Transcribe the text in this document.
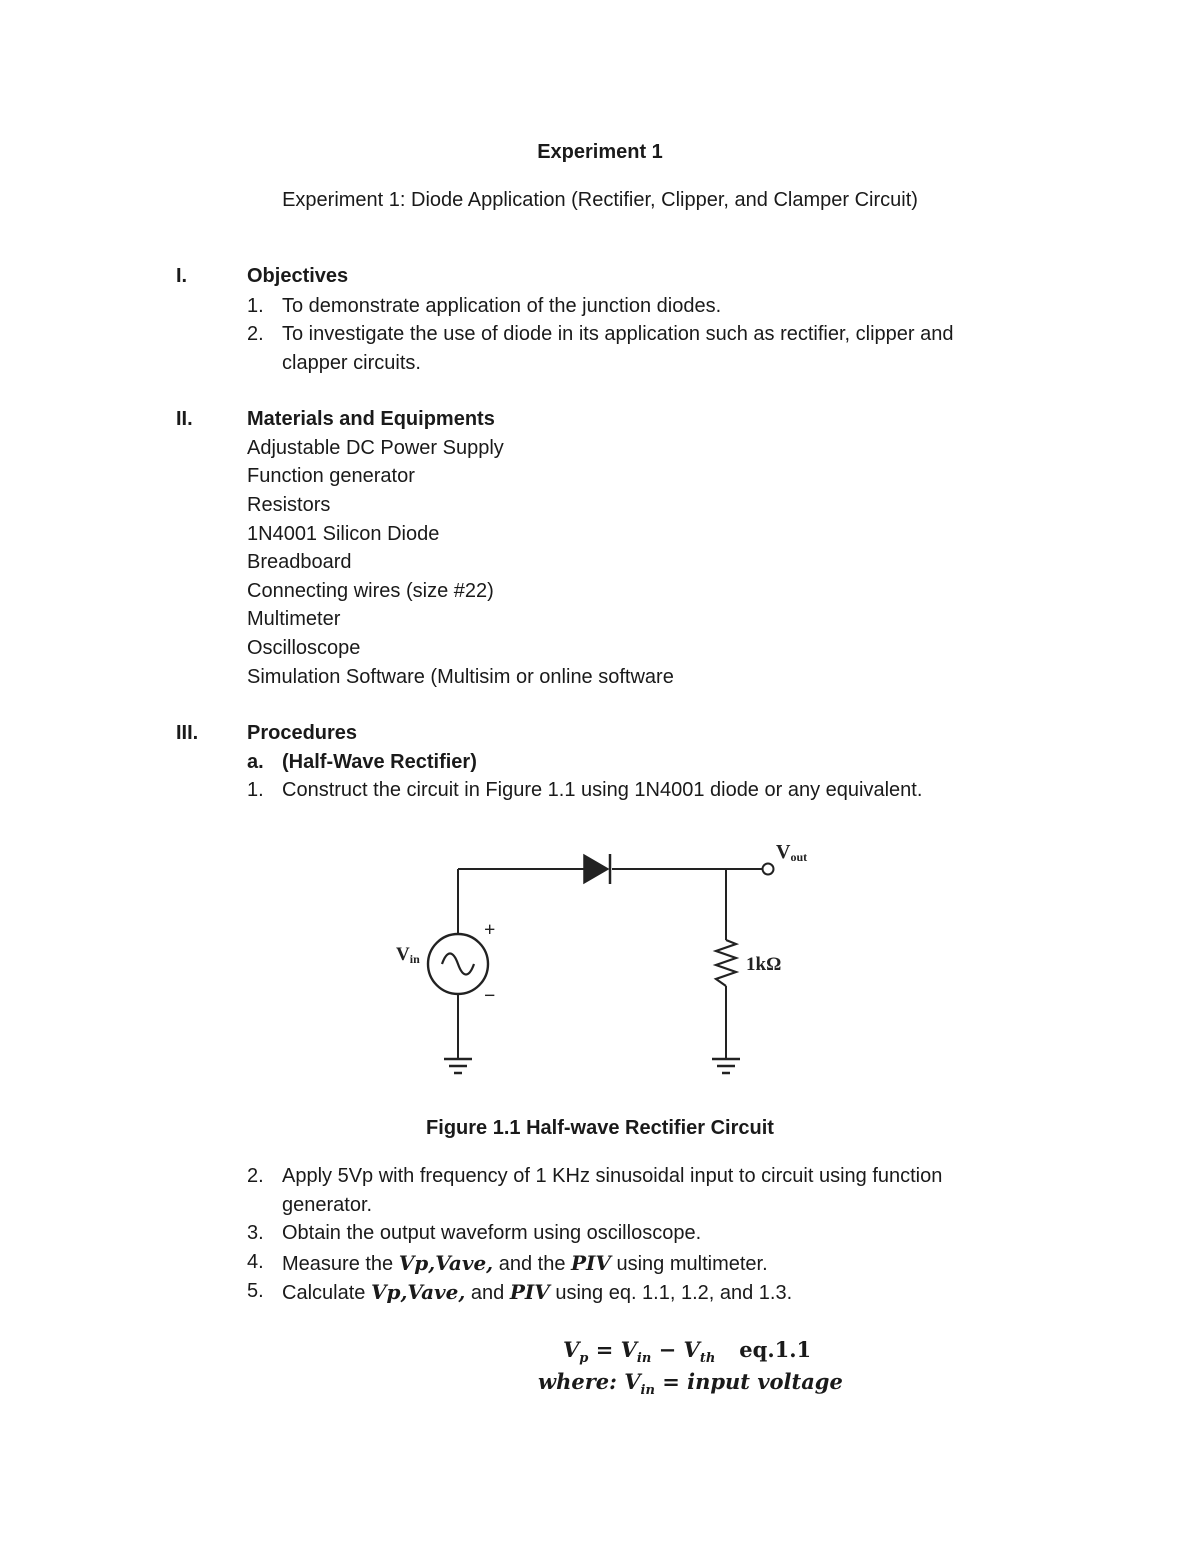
Experiment 1
Experiment 1: Diode Application (Rectifier, Clipper, and Clamper Circuit)
I.	Objectives
1. To demonstrate application of the junction diodes.
2. To investigate the use of diode in its application such as rectifier, clipper and
clapper circuits.
II.	Materials and Equipments
Adjustable DC Power Supply
Function generator
Resistors
1N4001 Silicon Diode
Breadboard
Connecting wires (size #22)
Multimeter
Oscilloscope
Simulation Software (Multisim or online software
III. Procedures
a. (Half-Wave Rectifier)
1. Construct the circuit in Figure 1.1 using 1N4001 diode or any equivalent.
Vin
+
−
Vout
1kΩ
Figure 1.1 Half-wave Rectifier Circuit
2. Apply 5Vp with frequency of 1 KHz sinusoidal input to circuit using function
generator.
3. Obtain the output waveform using oscilloscope.
4. Measure the Vp,Vave, and the PIV using multimeter.
5. Calculate Vp,Vave, and PIV using eq. 1.1, 1.2, and 1.3.
$V_p = V_{in} - V_{th}$ eq.1.1
where: $V_{in}$ = input voltage
